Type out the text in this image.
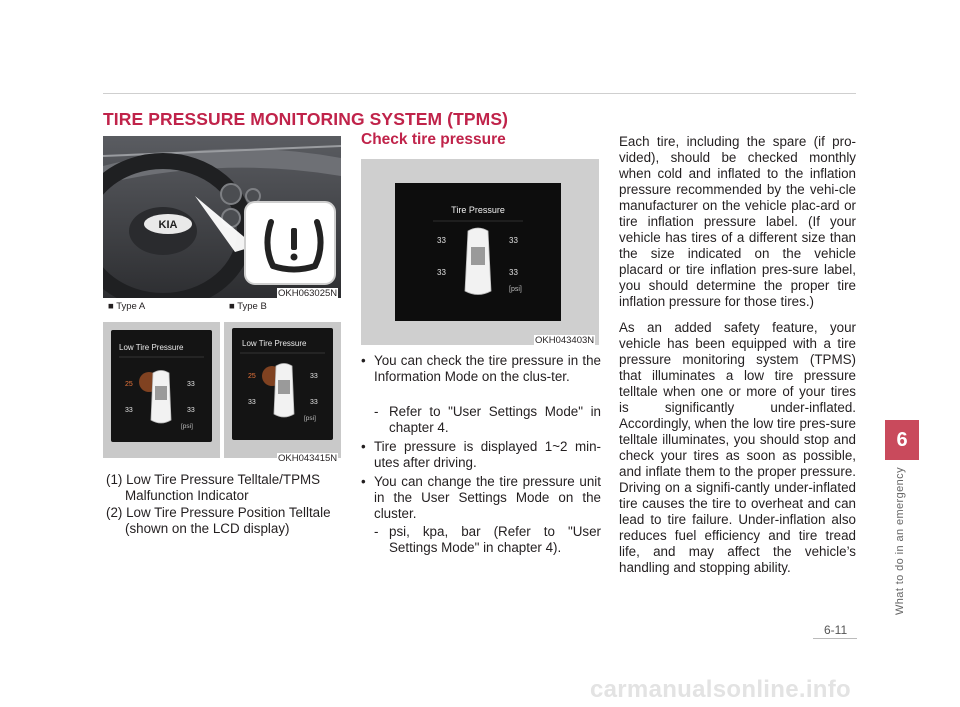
TIRE PRESSURE MONITORING SYSTEM (TPMS)
KIA
OKH063025N
■ Type A	■ Type B
Low Tire Pressure
25	33
33	33
[psi]
Low Tire Pressure
25	33
33	33
[psi]
OKH043415N
(1) Low Tire Pressure Telltale/TPMS
Malfunction Indicator
(2) Low Tire Pressure Position Telltale
(shown on the LCD display)
Check tire pressure
Tire Pressure
33	33
33	33
[psi]
OKH043403N
• You can check the tire pressure in the Information Mode on the clus-ter.
- Refer to "User Settings Mode" in chapter 4.
• Tire pressure is displayed 1~2 min-utes after driving.
• You can change the tire pressure unit in the User Settings Mode on the cluster.
- psi, kpa, bar (Refer to "User Settings Mode" in chapter 4).
Each tire, including the spare (if pro-vided), should be checked monthly when cold and inflated to the inflation pressure recommended by the vehi-cle manufacturer on the vehicle plac-ard or tire inflation pressure label. (If your vehicle has tires of a different size than the size indicated on the vehicle placard or tire inflation pres-sure label, you should determine the proper tire inflation pressure for those tires.)
As an added safety feature, your vehicle has been equipped with a tire pressure monitoring system (TPMS) that illuminates a low tire pressure telltale when one or more of your tires is significantly under-inflated. Accordingly, when the low tire pres-sure telltale illuminates, you should stop and check your tires as soon as possible, and inflate them to the proper pressure. Driving on a signifi-cantly under-inflated tire causes the tire to overheat and can lead to tire failure. Under-inflation also reduces fuel efficiency and tire tread life, and may affect the vehicle’s handling and stopping ability.
6
What to do in an emergency
6-11
carmanualsonline.info
